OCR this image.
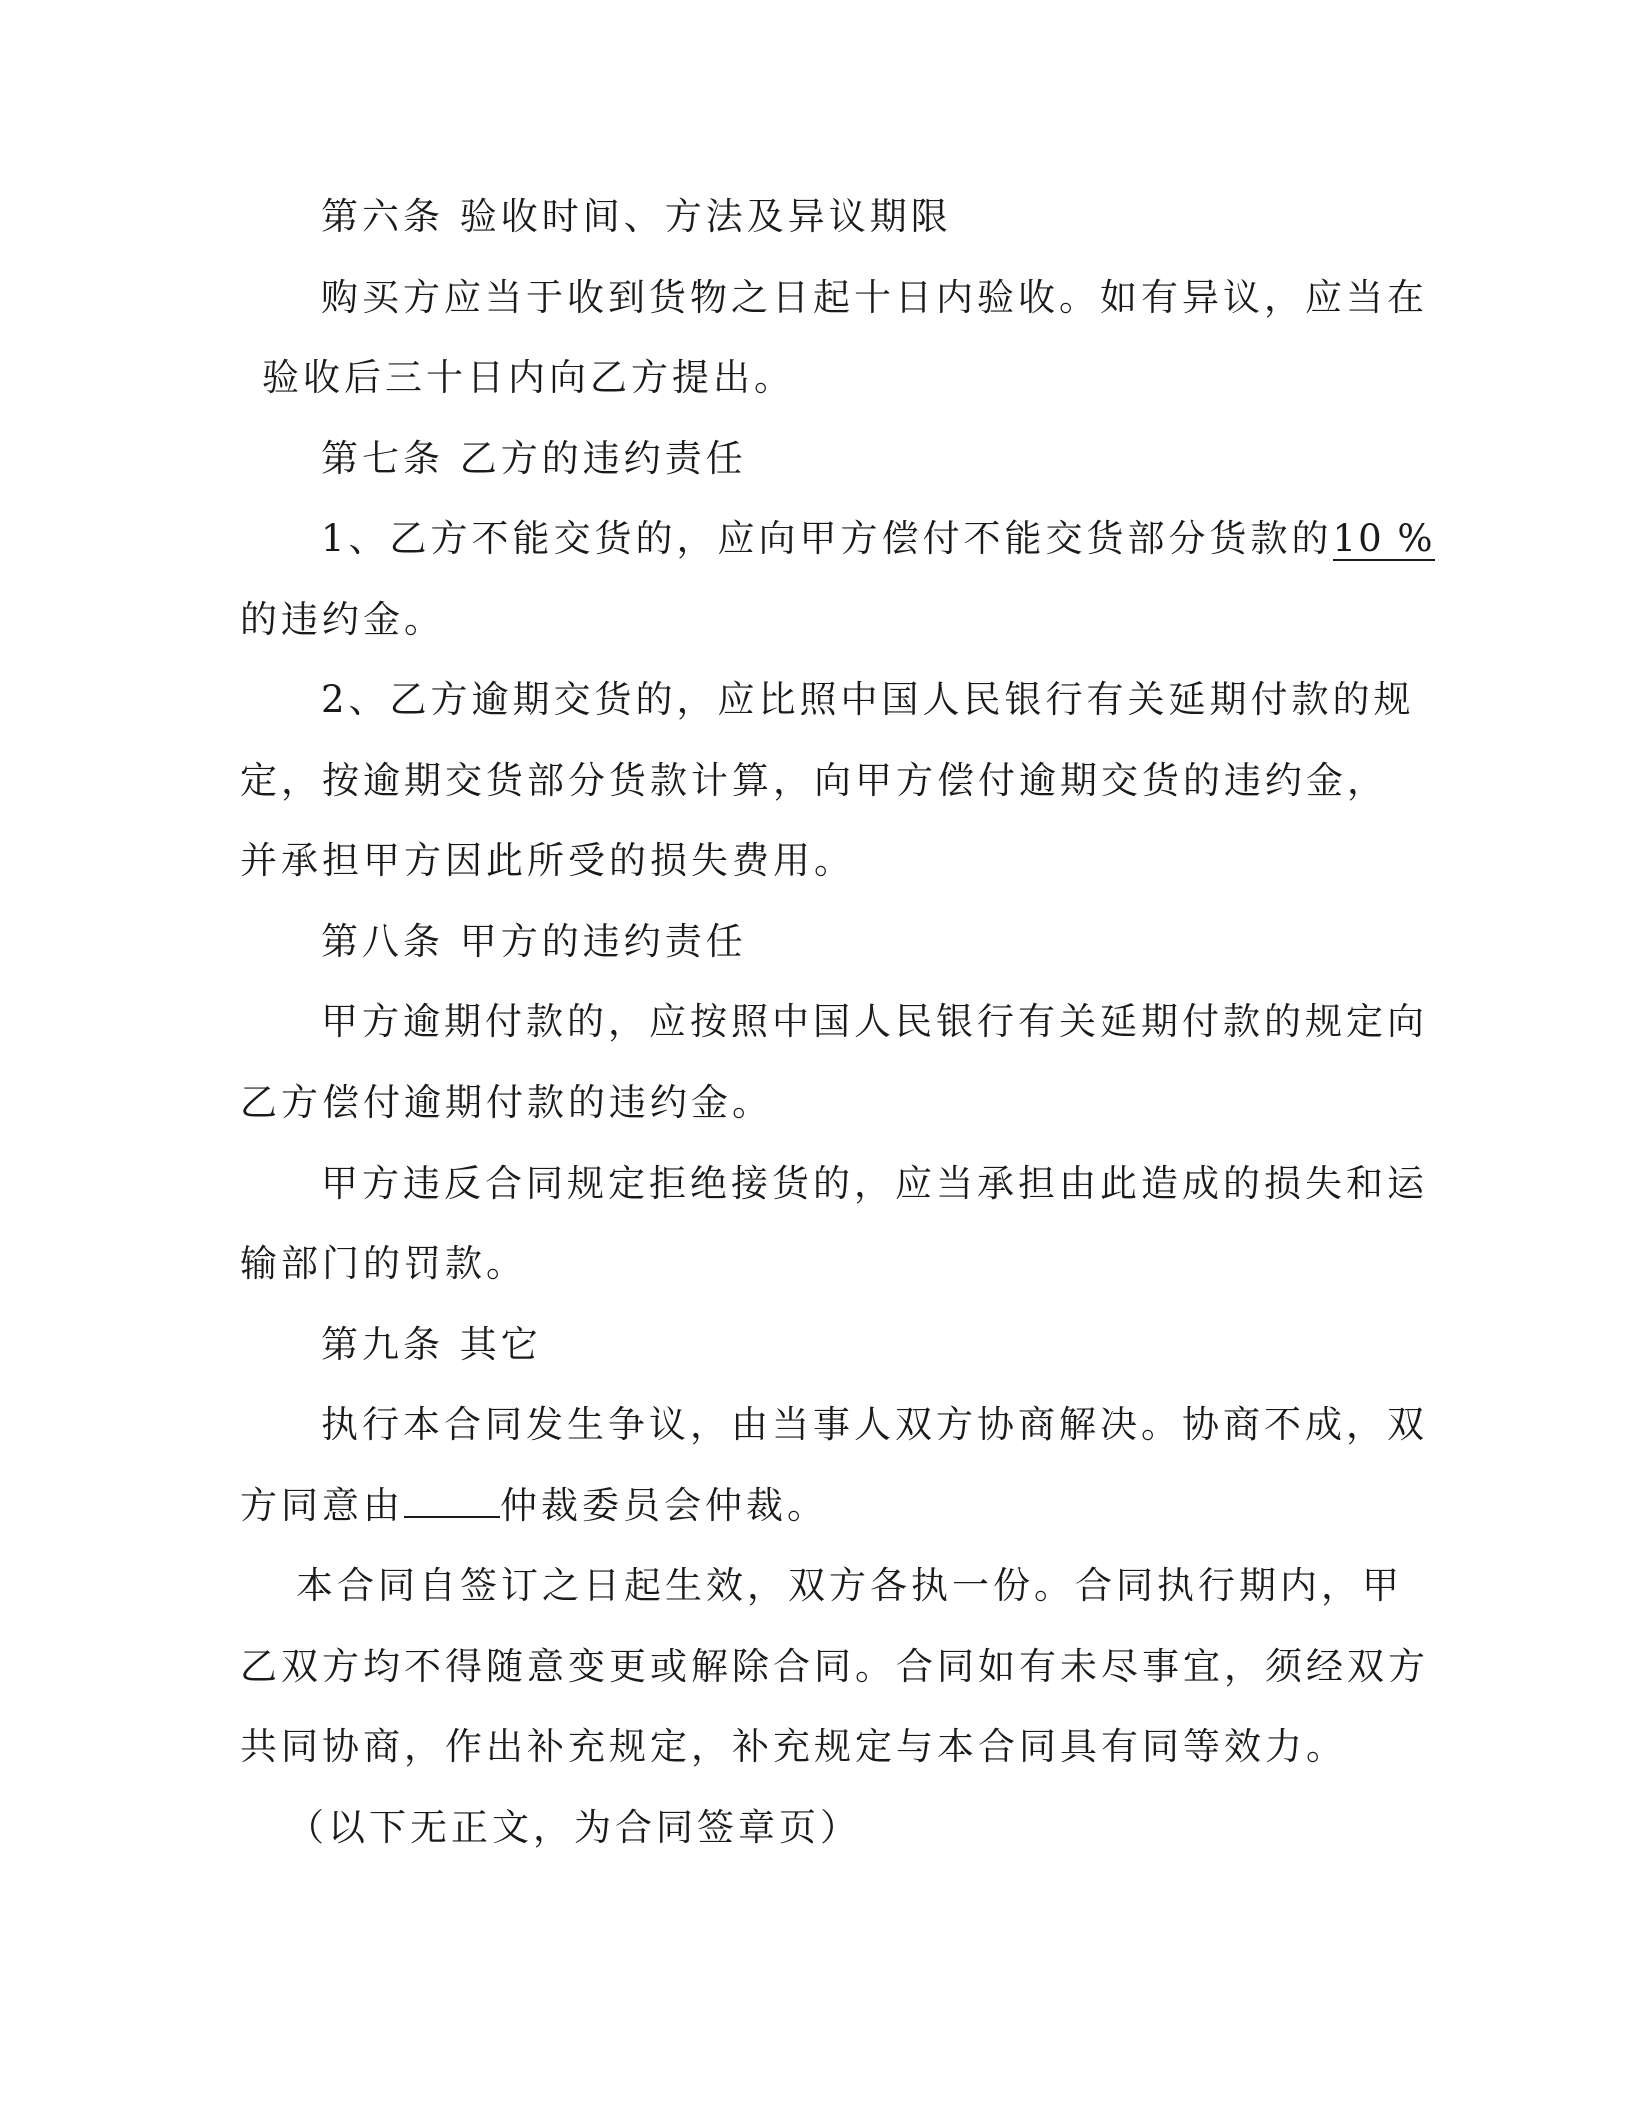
第六条 验收时间、方法及异议期限
购买方应当于收到货物之日起十日内验收。如有异议，应当在
验收后三十日内向乙方提出。
第七条 乙方的违约责任
1、乙方不能交货的，应向甲方偿付不能交货部分货款的10 %
的违约金。
2、乙方逾期交货的，应比照中国人民银行有关延期付款的规
定，按逾期交货部分货款计算，向甲方偿付逾期交货的违约金，
并承担甲方因此所受的损失费用。
第八条 甲方的违约责任
甲方逾期付款的，应按照中国人民银行有关延期付款的规定向
乙方偿付逾期付款的违约金。
甲方违反合同规定拒绝接货的，应当承担由此造成的损失和运
输部门的罚款。
第九条 其它
执行本合同发生争议，由当事人双方协商解决。协商不成，双
方同意由	仲裁委员会仲裁。
本合同自签订之日起生效，双方各执一份。合同执行期内，甲
乙双方均不得随意变更或解除合同。合同如有未尽事宜，须经双方
共同协商，作出补充规定，补充规定与本合同具有同等效力。
（以下无正文，为合同签章页）
